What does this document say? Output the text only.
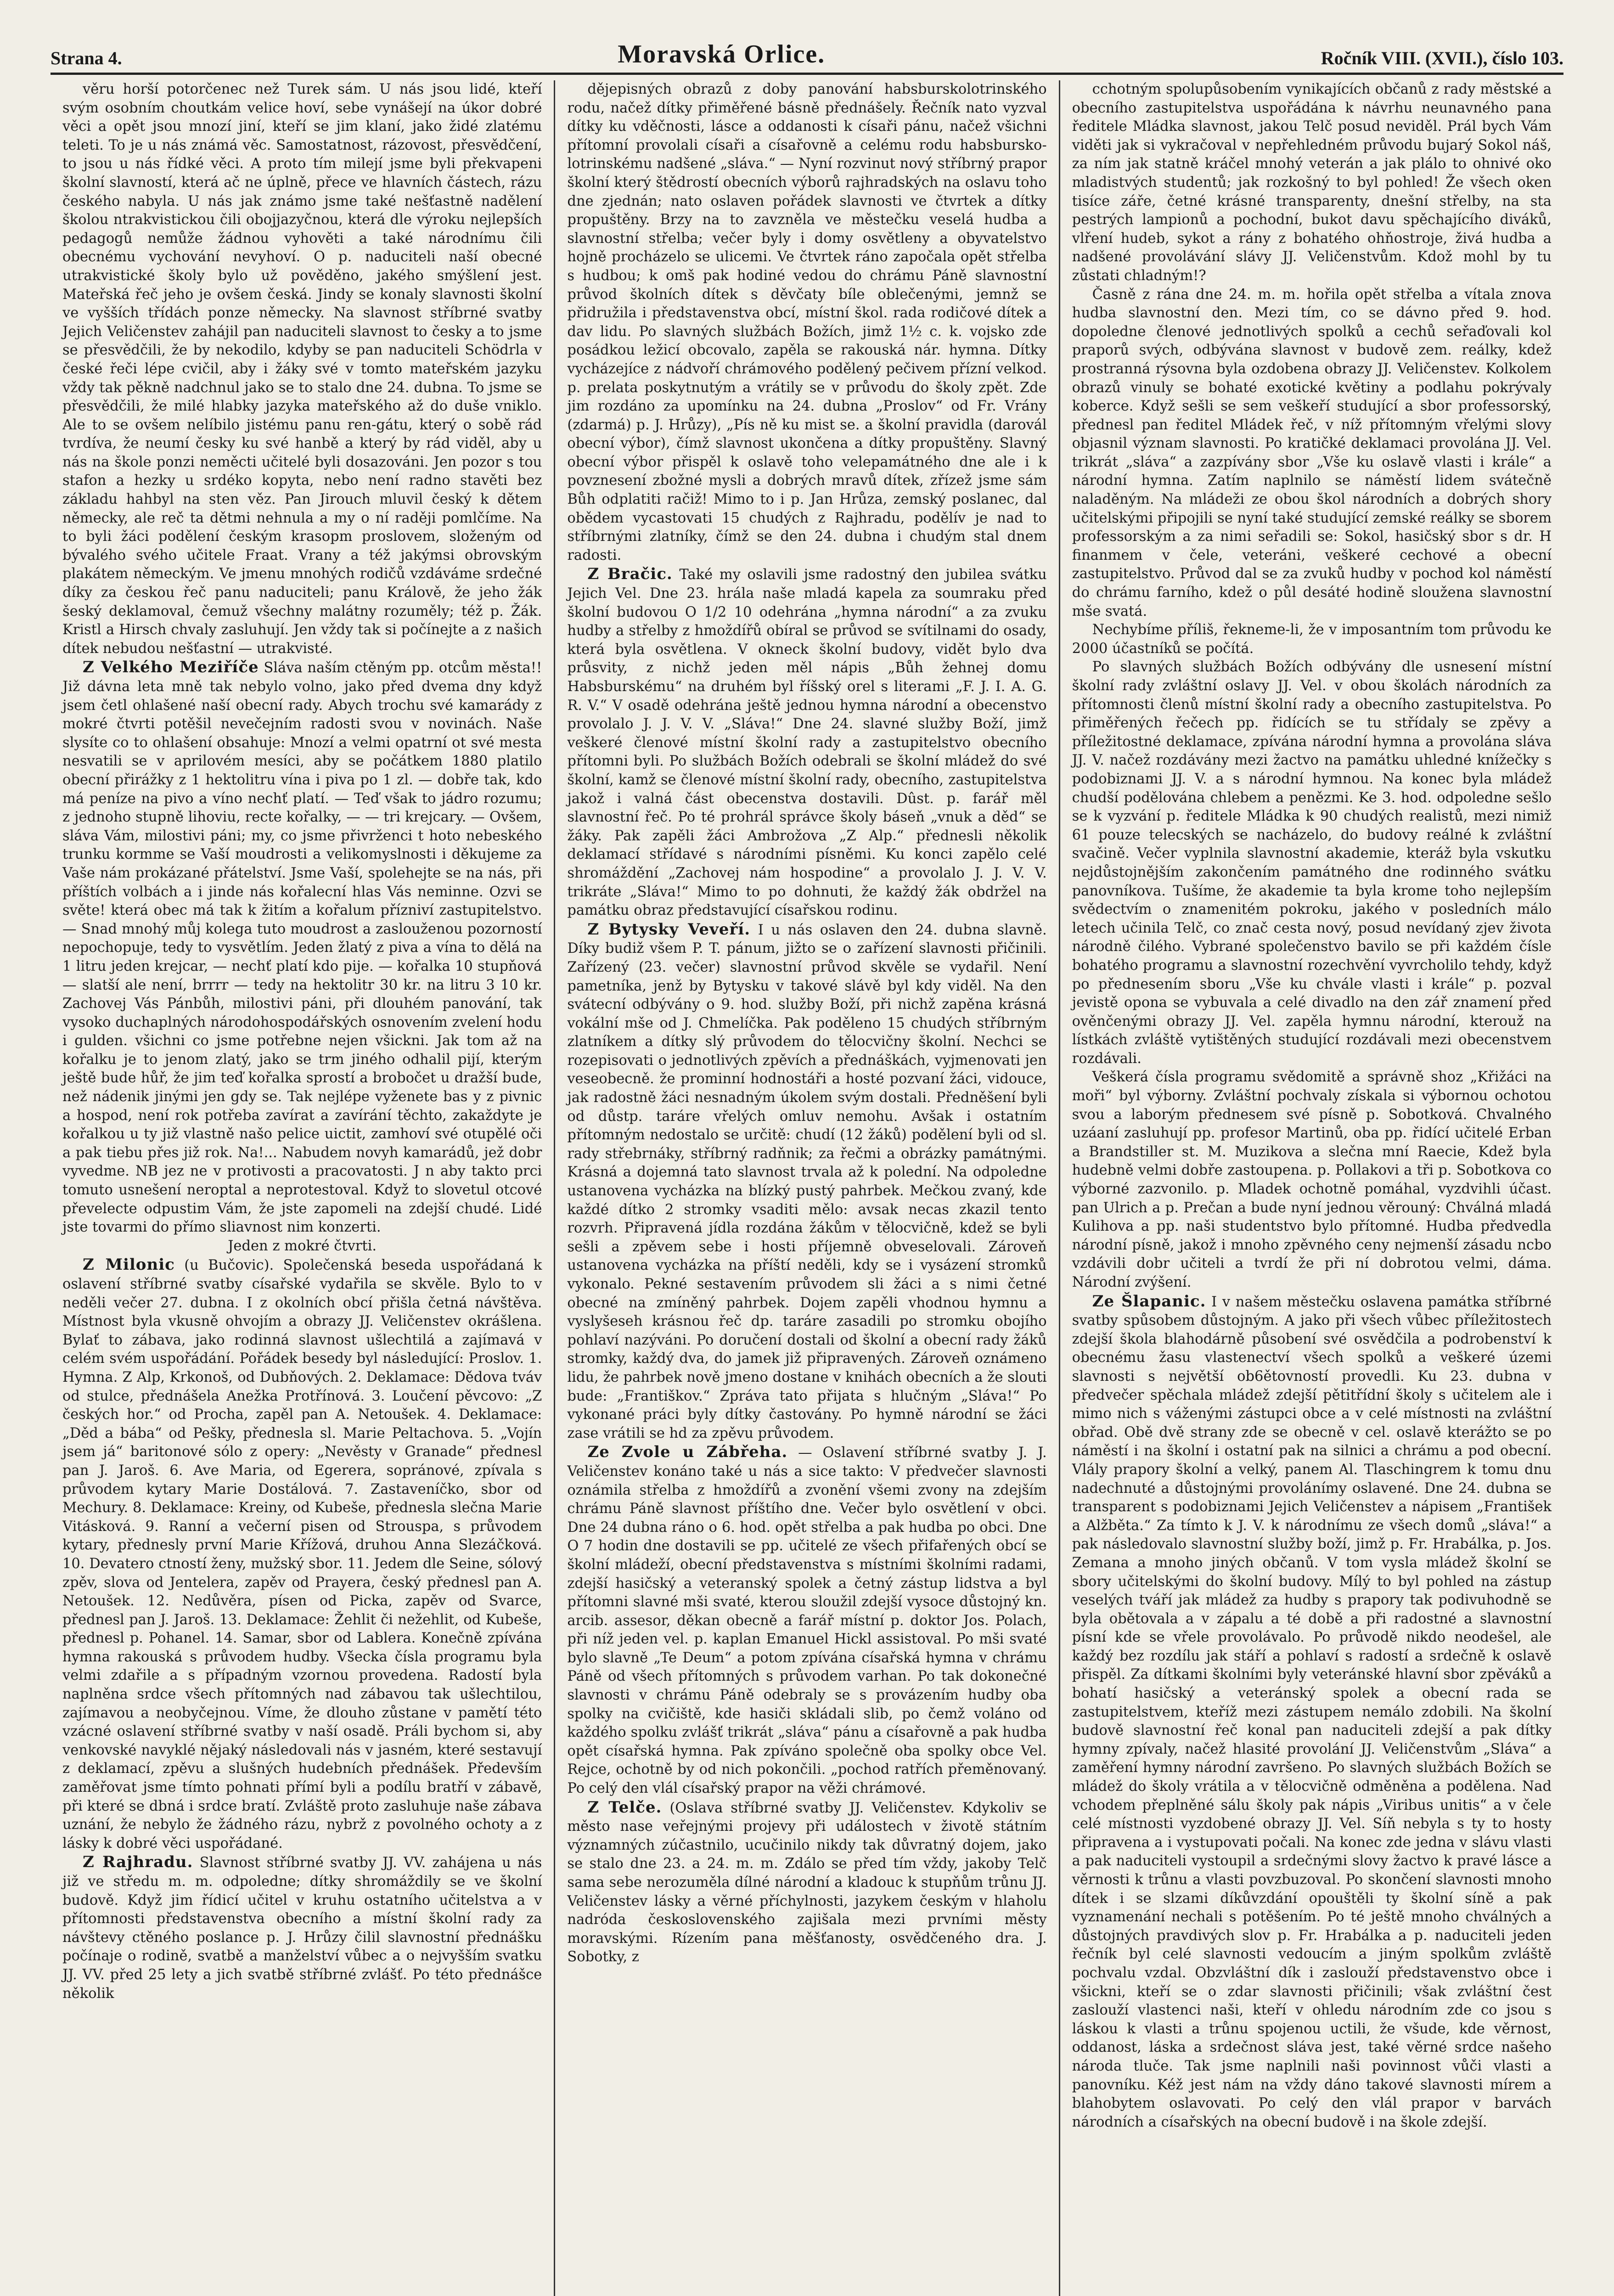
Strana 4.	Moravská Orlice.	Ročník VIII. (XVII.), číslo 103.

věru horší potorčenec než Turek sám. U nás jsou lidé, kteří svým osobním choutkám velice hoví, sebe vynášejí na úkor dobré věci a opět jsou mnozí jiní, kteří se jim klaní, jako židé zlatému teleti. To je u nás známá věc. Samostatnost, rázovost, přesvědčení, to jsou u nás řídké věci. A proto tím milejí jsme byli překvapeni školní slavností, která ač ne úplně, přece ve hlavních částech, rázu českého nabyla. U nás jak známo jsme také nešťastně nadělení školou ntrakvistickou čili obojjazyčnou, která dle výroku nejlepších pedagogů nemůže žádnou vyhověti a také národnímu čili obecnému vychování nevyhoví. O p. naduciteli naší obecné utrakvistické školy bylo už pověděno, jakého smýšlení jest. Mateřská řeč jeho je ovšem česká. Jindy se konaly slavnosti školní ve vyšších třídách ponze německy. Na slavnost stříbrné svatby Jejich Veličenstev zahájil pan naduciteli slavnost to česky a to jsme se přesvědčili, že by nekodilo, kdyby se pan naduciteli Schödrla v české řeči lépe cvičil, aby i žáky své v tomto mateřském jazyku vždy tak pěkně nadchnul jako se to stalo dne 24. dubna. To jsme se přesvědčili, že milé hlabky jazyka mateřského až do duše vniklo. Ale to se ovšem nelíbilo jistému panu ren-gátu, který o sobě rád tvrdíva, že neumí česky ku své hanbě a který by rád viděl, aby u nás na škole ponzi neměcti učitelé byli dosazováni. Jen pozor s tou stafon a hezky u srdéko kopyta, nebo není radno stavěti bez základu hahbyl na sten věz. Pan Jirouch mluvil český k dětem německy, ale reč ta dětmi nehnula a my o ní raději pomlčíme. Na to byli žáci podělení českým krasopm proslovem, složeným od bývalého svého učitele Fraat. Vrany a též jakýmsi obrovským plakátem německým. Ve jmenu mnohých rodičů vzdáváme srdečné díky za českou řeč panu naduciteli; panu Králově, že jeho žák šeský deklamoval, čemuž všechny malátny rozuměly; též p. Žák. Kristl a Hirsch chvaly zasluhují. Jen vždy tak si počínejte a z našich dítek nebudou nešťastní — utrakvisté.

Z Velkého Meziříče Sláva naším ctěným pp. otcům města!! Již dávna leta mně tak nebylo volno, jako před dvema dny když jsem četl ohlašené naší obecní rady. Abych trochu své kamarády z mokré čtvrti potěšil nevečejním radosti svou v novinách. Naše slysíte co to ohlašení obsahuje: Mnozí a velmi opatrní ot své mesta nesvatili se v aprilovém mesíci, aby se počátkem 1880 platilo obecní přirážky z 1 hektolitru vína i piva po 1 zl. — dobře tak, kdo má peníze na pivo a víno nechť platí. — Teď však to jádro rozumu; z jednoho stupně lihoviu, recte kořalky, — — tri krejcary. — Ovšem, sláva Vám, milostivi páni; my, co jsme přivrženci t hoto nebeského trunku kormme se Vaší moudrosti a velikomyslnosti i děkujeme za Vaše nám prokázané přátelství. Jsme Vaší, spolehejte se na nás, při příštích volbách a i jinde nás kořalecní hlas Vás neminne. Ozvi se světe! která obec má tak k žitím a kořalum přízniví zastupitelstvo. — Snad mnohý můj kolega tuto moudrost a zaslouženou pozorností nepochopuje, tedy to vysvětlím. Jeden žlatý z piva a vína to dělá na 1 litru jeden krejcar, — nechť platí kdo pije. — kořalka 10 stupňová — slatší ale není, brrrr — tedy na hektolitr 30 kr. na litru 3 10 kr. Zachovej Vás Pánbůh, milostivi páni, při dlouhém panování, tak vysoko duchaplných národohospodářských osnovením zvelení hodu i gulden. všichni co jsme potřebne nejen všickni. Jak tom až na kořalku je to jenom zlatý, jako se trm jiného odhalil pijí, kterým ještě bude hůř, že jim teď kořalka sprostí a brobočet u dražší bude, než nádenik jinými jen gdy se. Tak nejlépe vyženete bas y z pivnic a hospod, není rok potřeba zavírat a zavírání těchto, zakaždyte je kořalkou u ty již vlastně našo pelice uictit, zamhoví své otupělé oči a pak tiebu přes již rok. Na!... Nabudem novyh kamarádů, jež dobr vyvedme. NB jez ne v protivosti a pracovatosti. J n aby takto prci tomuto usnešení neroptal a neprotestoval. Když to slovetul otcové převelecte odpustim Vám, že jste zapomeli na zdejší chudé. Lidé jste tovarmi do přímo sliavnost nim konzerti.

Jeden z mokré čtvrti.

Z Milonic (u Bučovic). Společenská beseda uspořádaná k oslavení stříbrné svatby císařské vydařila se skvěle. Bylo to v neděli večer 27. dubna. I z okolních obcí přišla četná návštěva. Místnost byla vkusně ohvojím a obrazy JJ. Veličenstev okrášlena. Bylať to zábava, jako rodinná slavnost ušlechtilá a zajímavá v celém svém uspořádání. Pořádek besedy byl následující: Proslov. 1. Hymna. Z Alp, Krkonoš, od Dubňových. 2. Deklamace: Dědova tváv od stulce, přednášela Anežka Protřínová. 3. Loučení pěvcovo: „Z českých hor.“ od Procha, zapěl pan A. Netoušek. 4. Deklamace: „Děd a bába“ od Pešky, přednesla sl. Marie Peltachova. 5. „Vojín jsem já“ baritonové sólo z opery: „Nevěsty v Granade“ přednesl pan J. Jaroš. 6. Ave Maria, od Egerera, sopránové, zpívala s průvodem kytary Marie Dostálová. 7. Zastaveníčko, sbor od Mechury. 8. Deklamace: Kreiny, od Kubeše, přednesla slečna Marie Vitásková. 9. Ranní a večerní pisen od Strouspa, s průvodem kytary, přednesly první Marie Křížová, druhou Anna Slezáčková. 10. Devatero ctností ženy, mužský sbor. 11. Jedem dle Seine, sólový zpěv, slova od Jentelera, zapěv od Prayera, český přednesl pan A. Netoušek. 12. Nedůvěra, písen od Picka, zapěv od Svarce, přednesl pan J. Jaroš. 13. Deklamace: Žehlit či nežehlit, od Kubeše, přednesl p. Pohanel. 14. Samar, sbor od Lablera. Konečně zpívána hymna rakouská s průvodem hudby. Všecka čísla programu byla velmi zdařile a s případným vzornou provedena. Radostí byla naplněna srdce všech přítomných nad zábavou tak ušlechtilou, zajímavou a neobyčejnou. Víme, že dlouho zůstane v pamětí této vzácné oslavení stříbrné svatby v naší osadě. Práli bychom si, aby venkovské navyklé nějaký následovali nás v jasném, které sestavují z deklamací, zpěvu a slušných hudebních přednášek. Především zaměřovat jsme tímto pohnati přímí byli a podílu bratří v zábavě, při které se dbná i srdce bratí. Zvláště proto zasluhuje naše zábava uznání, že nebylo že žádného rázu, nybrž z povolného ochoty a z lásky k dobré věci uspořádané.

Z Rajhradu. Slavnost stříbrné svatby JJ. VV. zahájena u nás již ve středu m. m. odpoledne; dítky shromáždily se ve školní budově. Když jim řídicí učitel v kruhu ostatního učitelstva a v přítomnosti představenstva obecního a místní školní rady za návštevy ctěného poslance p. J. Hrůzy čilil slavnostní přednášku počínaje o rodině, svatbě a manželství vůbec a o nejvyšším svatku JJ. VV. před 25 lety a jich svatbě stříbrné zvlášť. Po této přednášce několik

dějepisných obrazů z doby panování habsburskolotrinského rodu, načež dítky přiměřené básně přednášely. Řečník nato vyzval dítky ku vděčnosti, lásce a oddanosti k císaři pánu, načež všichni přítomní provolali císaři a císařovně a celému rodu habsbursko-lotrinskému nadšené „sláva.“ — Nyní rozvinut nový stříbrný prapor školní který štědrostí obecních výborů rajhradských na oslavu toho dne zjednán; nato oslaven pořádek slavnosti ve čtvrtek a dítky propuštěny. Brzy na to zavzněla ve městečku veselá hudba a slavnostní střelba; večer byly i domy osvětleny a obyvatelstvo hojně procházelo se ulicemi. Ve čtvrtek ráno započala opět střelba s hudbou; k omš pak hodiné vedou do chrámu Páně slavnostní průvod školních dítek s děvčaty bíle oblečenými, jemnž se přidružila i představenstva obcí, místní škol. rada rodičové dítek a dav lidu. Po slavných službách Božích, jimž 1½ c. k. vojsko zde posádkou ležicí obcovalo, zapěla se rakouská nár. hymna. Dítky vycházejíce z nádvoří chrámového podělený pečivem přízní velkod. p. prelata poskytnutým a vrátily se v průvodu do školy zpět. Zde jim rozdáno za upomínku na 24. dubna „Proslov“ od Fr. Vrány (zdarmá) p. J. Hrůzy), „Pís ně ku mist se. a školní pravidla (darovál obecní výbor), čímž slavnost ukončena a dítky propuštěny. Slavný obecní výbor přispěl k oslavě toho velepamátného dne ale i k povznesení zbožné mysli a dobrých mravů dítek, zřízež jsme sám Bůh odplatiti račiž! Mimo to i p. Jan Hrůza, zemský poslanec, dal obědem vycastovati 15 chudých z Rajhradu, podělív je nad to stříbrnými zlatníky, čímž se den 24. dubna i chudým stal dnem radosti.

Z Bračic. Také my oslavili jsme radostný den jubilea svátku Jejich Vel. Dne 23. hrála naše mladá kapela za soumraku před školní budovou O 1/2 10 odehrána „hymna národní“ a za zvuku hudby a střelby z hmoždířů obíral se průvod se svítilnami do osady, která byla osvětlena. V okneck školní budovy, vidět bylo dva průsvity, z nichž jeden měl nápis „Bůh žehnej domu Habsburskému“ na druhém byl říšský orel s literami „F. J. I. A. G. R. V.“ V osadě odehrána ještě jednou hymna národní a obecenstvo provolalo J. J. V. V. „Sláva!“ Dne 24. slavné služby Boží, jimž veškeré členové místní školní rady a zastupitelstvo obecního přítomni byli. Po službách Božích odebrali se školní mládež do své školní, kamž se členové místní školní rady, obecního, zastupitelstva jakož i valná část obecenstva dostavili. Dûst. p. farář měl slavnostní řeč. Po té prohrál správce školy báseň „vnuk a děd“ se žáky. Pak zapěli žáci Ambrožova „Z Alp.“ přednesli několik deklamací střídavé s národními písněmi. Ku konci zapělo celé shromáždění „Zachovej nám hospodine“ a provolalo J. J. V. V. trikráte „Sláva!“ Mimo to po dohnuti, že každý žák obdržel na památku obraz představující císařskou rodinu.

Z Bytysky Veveří. I u nás oslaven den 24. dubna slavně. Díky budiž všem P. T. pánum, jižto se o zařízení slavnosti přičinili. Zařízený (23. večer) slavnostní průvod skvěle se vydařil. Není pametníka, jenž by Bytysku v takové slávě byl kdy viděl. Na den svátecní odbývány o 9. hod. služby Boží, při nichž zapěna krásná vokální mše od J. Chmelíčka. Pak podělenо 15 chudých stříbrným zlatníkem a dítky slý průvodem do tělocvičny školní. Nechci se rozepisovati o jednotlivých zpěvích a přednáškách, vyjmenovati jen veseobecně. že prominní hodnostáři a hosté pozvaní žáci, vidouce, jak radostně žáci nesnadným úkolem svým dostali. Předněšení byli od důstp. taráre vřelých omluv nemohu. Avšak i ostatním přítomným nedostalo se určitě: chudí (12 žáků) podělení byli od sl. rady střebrnáky, stříbrný radňnik; za řečmi a obrázky památnými. Krásná a dojemná tato slavnost trvala až k polední. Na odpoledne ustanovena vycházka na blízký pustý pahrbek. Mečkou zvaný, kde každé dítko 2 stromky vsaditi mělo: avsak necas zkazil tento rozvrh. Připravená jídla rozdána žákům v tělocvičně, kdež se byli sešli a zpěvem sebe i hosti příjemně obveselovali. Zároveň ustanovena vycházka na příští neděli, kdy se i vysázení stromků vykonalo. Pekné sestavením průvodem sli žáci a s nimi četné obecné na zmíněný pahrbek. Dojem zapěli vhodnou hymnu a vyslyšeseh krásnou řeč dp. taráre zasadili po stromku obojího pohlaví nazýváni. Po doručení dostali od školní a obecní rady žáků stromky, každý dva, do jamek již připravených. Zároveň oznámeno lidu, že pahrbek nově jmeno dostane v knihách obecních a že slouti bude: „Františkov.“ Zpráva tato přijata s hlučným „Sláva!“ Po vykonané práci byly dítky častovány. Po hymně národní se žáci zase vrátili se hd za zpěvu průvodem.

Ze Zvole u Zábřeha. — Oslavení stříbrné svatby J. J. Veličenstev konáno také u nás a sice takto: V předvečer slavnosti oznámila střelba z hmoždířů a zvonění všemi zvony na zdejším chrámu Páně slavnost příštího dne. Večer bylo osvětlení v obci. Dne 24 dubna ráno o 6. hod. opět střelba a pak hudba po obci. Dne O 7 hodin dne dostavili se pp. učitelé ze všech přifařených obcí se školní mládeží, obecní představenstva s místními školními radami, zdejší hasičský a veteranský spolek a četný zástup lidstva a byl přítomni slavné mši svaté, kterou sloužil zdejší vysoce důstojný kn. arcib. assesor, děkan obecně a farář místní p. doktor Jos. Polach, při níž jeden vel. p. kaplan Emanuel Hickl assistoval. Po mši svaté bylo slavně „Te Deum“ a potom zpívána císařská hymna v chrámu Páně od všech přítomných s průvodem varhan. Po tak dokonečné slavnosti v chrámu Páně odebraly se s provázením hudby oba spolky na cvičiště, kde hasiči skládali slib, po čemž voláno od každého spolku zvlášť trikrát „sláva“ pánu a císařovně a pak hudba opět císařská hymna. Pak zpíváno společně oba spolky obce Vel. Rejce, ochotně by od nich pokončili. „pochod ratřích přeměnovaný. Po celý den vlál císařský prapor na věži chrámové.

Z Telče. (Oslava stříbrné svatby JJ. Veličenstev. Kdykoliv se město nase veřejnými projevy při událostech v životě státním významných zúčastnilo, ucučinilo nikdy tak důvratný dojem, jako se stalo dne 23. a 24. m. m. Zdálo se před tím vždy, jakoby Telč sama sebe nerozuměla dílné národní a kladouc k stupňům trůnu JJ. Veličenstev lásky a věrné příchylnosti, jazykem českým v hlaholu nadróda československého zajišala mezi prvními městy moravskými. Rízením pana měšťanosty, osvědčeného dra. J. Sobotky, z

cchotným spolupůsobením vynikajících občanů z rady městské a obecního zastupitelstva uspořádána k návrhu neunavného pana ředitele Mládka slavnost, jakou Telč posud neviděl. Prál bych Vám viděti jak si vykračoval v nepřehledném průvodu bujarý Sokol náš, za ním jak statně kráčel mnohý veterán a jak plálo to ohnivé oko mladistvých studentů; jak rozkošný to byl pohled! Že všech oken tisíce záře, četné krásné transparenty, dnešní střelby, na sta pestrých lampionů a pochodní, bukot davu spěchajícího diváků, vlření hudeb, sykot a rány z bohatého ohňostroje, živá hudba a nadšené provolávání slávy JJ. Veličenstvům. Kdož mohl by tu zůstati chladným!?

Časně z rána dne 24. m. m. hořila opět střelba a vítala znova hudba slavnostní den. Mezi tím, co se dávno před 9. hod. dopoledne členové jednotlivých spolků a cechů seřaďovali kol praporů svých, odbývána slavnost v budově zem. reálky, kdež prostranná rýsovna byla ozdobena obrazy JJ. Veličenstev. Kolkolem obrazů vinuly se bohaté exotické květiny a podlahu pokrývaly koberce. Když sešli se sem veškeří studující a sbor professorský, přednesl pan ředitel Mládek řeč, v níž přítomným vřelými slovy objasnil význam slavnosti. Po kratičké deklamaci provolána JJ. Vel. trikrát „sláva“ a zazpívány sbor „Vše ku oslavě vlasti i krále“ a národní hymna. Zatím naplnilo se náměstí lidem svátečně naladěným. Na mládeži ze obou škol národních a dobrých shory učitelskými připojili se nyní také studující zemské reálky se sborem professorským a za nimi seřadili se: Sokol, hasičský sbor s dr. H finanmem v čele, veteráni, veškeré cechové a obecní zastupitelstvo. Průvod dal se za zvuků hudby v pochod kol náměstí do chrámu farního, kdež o půl desáté hodině sloužena slavnostní mše svatá.

Nechybíme příliš, řekneme-li, že v imposantním tom průvodu ke 2000 účastníků se počítá.

Po slavných službách Božích odbývány dle usnesení místní školní rady zvláštní oslavy JJ. Vel. v obou školách národních za přítomnosti členů místní školní rady a obecního zastupitelstva. Po přiměřených řečech pp. řidících se tu střídaly se zpěvy a příležitostné deklamace, zpívána národní hymna a provolána sláva JJ. V. načež rozdávány mezi žactvo na památku uhledné knížečky s podobiznami JJ. V. a s národní hymnou. Na konec byla mládež chudší podělována chlebem a penězmi. Ke 3. hod. odpoledne sešlo se k vyzvání p. ředitele Mládka k 90 chudých realistů, mezi nimiž 61 pouze telecských se nacházelo, do budovy reálné k zvláštní svačině. Večer vyplnila slavnostní akademie, kteráž byla vskutku nejdůstojnějším zakončením památného dne rodinného svátku panovníkova. Tušíme, že akademie ta byla krome toho nejlepším svědectvím o znamenitém pokroku, jakého v posledních málo letech učinila Telč, co znač cesta nový, posud nevídaný zjev života národně čilého. Vybrané společenstvo bavilo se při každém čísle bohatého programu a slavnostní rozechvění vyvrcholilo tehdy, když po přednesením sboru „Vše ku chvále vlasti i krále“ p. pozval jevistě opona se vybuvala a celé divadlo na den zář znamení před ověnčenými obrazy JJ. Vel. zapěla hymnu národní, kterouž na lístkách zvláště vytištěných studující rozdávali mezi obecenstvem rozdávali.

Veškerá čísla programu svědomitě a správně shoz „Křižáci na moři“ byl výborny. Zvláštní pochvaly získala si výbornou ochotou svou a laborým přednesem své písně p. Sobotková. Chvalného uzáaní zasluhují pp. profesor Martinů, oba pp. řidící učitelé Erban a Brandstiller st. M. Muzikova a slečna mní Raecie, Kdež byla hudebně velmi dobře zastoupena. p. Pollakovi a tři p. Sobotkova co výborné zazvonilo. p. Mladek ochotně pomáhal, vyzdvihli účast. pan Ulrich a p. Prečan a bude nyní jednou věrouný: Chválná mladá Kulihova a pp. naši studentstvo bylo přítomné. Hudba předvedla národní písně, jakož i mnoho zpěvného ceny nejmenší zásadu ncbo vzdávili dobr učiteli a tvrdí že při ní dobrotou velmi, dáma. Národní zvýšení.

Ze Šlapanic. I v našem městečku oslavena památka stříbrné svatby spůsobem důstojným. A jako při všech vůbec příležitostech zdejší škola blahodárně působení své osvědčila a podrobenství k obecnému žasu vlastenectví všech spolků a veškeré územi slavnosti s největší ob6ětovností provedli. Ku 23. dubna v předvečer spěchala mládež zdejší pětitřídní školy s učitelem ale i mimo nich s váženými zástupci obce a v celé místnosti na zvláštní obřad. Obě dvě strany zde se obecně v cel. oslavě kterážto se po náměstí i na školní i ostatní pak na silnici a chrámu a pod obecní. Vlály prapory školní a velký, panem Al. Tlaschingrem k tomu dnu nadechnuté a důstojnými provolánímy oslavené. Dne 24. dubna se transparent s podobiznami Jejich Veličenstev a nápisem „František a Alžběta.“ Za tímto k J. V. k národnímu ze všech domů „sláva!“ a pak následovalo slavnostní služby boží, jimž p. Fr. Hrabálka, p. Jos. Zemana a mnoho jiných občanů. V tom vysla mládež školní se sbory učitelskými do školní budovy. Mílý to byl pohled na zástup veselých tváří jak mládež za hudby s prapory tak podivuhodně se byla obětovala a v zápalu a té době a při radostné a slavnostní písní kde se vřele provolávalo. Po průvodě nikdo neodešel, ale každý bez rozdílu jak stáří a pohlaví s radostí a srdečně k oslavě přispěl. Za dítkami školními byly veteránské hlavní sbor zpěváků a bohatí hasičský a veteránský spolek a obecní rada se zastupitelstvem, kteříž mezi zástupem nemálo zdobili. Na školní budově slavnostní řeč konal pan naduciteli zdejší a pak dítky hymny zpívaly, načež hlasité provolání JJ. Veličenstvům „Sláva“ a zaměření hymny národní završeno. Po slavných službách Božích se mládež do školy vrátila a v tělocvičně odměněna a podělena. Nad vchodem přeplněné sálu školy pak nápis „Viribus unitis“ a v čele celé místnosti vyzdobené obrazy JJ. Vel. Síň nebyla s ty to hosty připravena a i vystupovati počali. Na konec zde jedna v slávu vlasti a pak naduciteli vystoupil a srdečnými slovy žactvo k pravé lásce a věrnosti k trůnu a vlasti povzbuzoval. Po skončení slavnosti mnoho dítek i se slzami díkůvzdání opouštěli ty školní síně a pak vyznamenání nechali s potěšením. Po té ještě mnoho chválných a důstojných pravdivých slov p. Fr. Hrabálka a p. naduciteli jeden řečník byl celé slavnosti vedoucím a jiným spolkům zvláště pochvalu vzdal. Obzvláštní dík i zaslouží představenstvo obce i všickni, kteří se o zdar slavnosti přičinili; však zvláštní čest zaslouží vlastenci naši, kteří v ohledu národním zde co jsou s láskou k vlasti a trůnu spojenou uctili, že všude, kde věrnost, oddanost, láska a srdečnost sláva jest, také věrné srdce našeho národa tluče. Tak jsme naplnili naši povinnost vůči vlasti a panovníku. Kéž jest nám na vždy dáno takové slavnosti mírem a blahobytem oslavovati. Po celý den vlál prapor v barvách národních a císařských na obecní budově i na škole zdejší.
